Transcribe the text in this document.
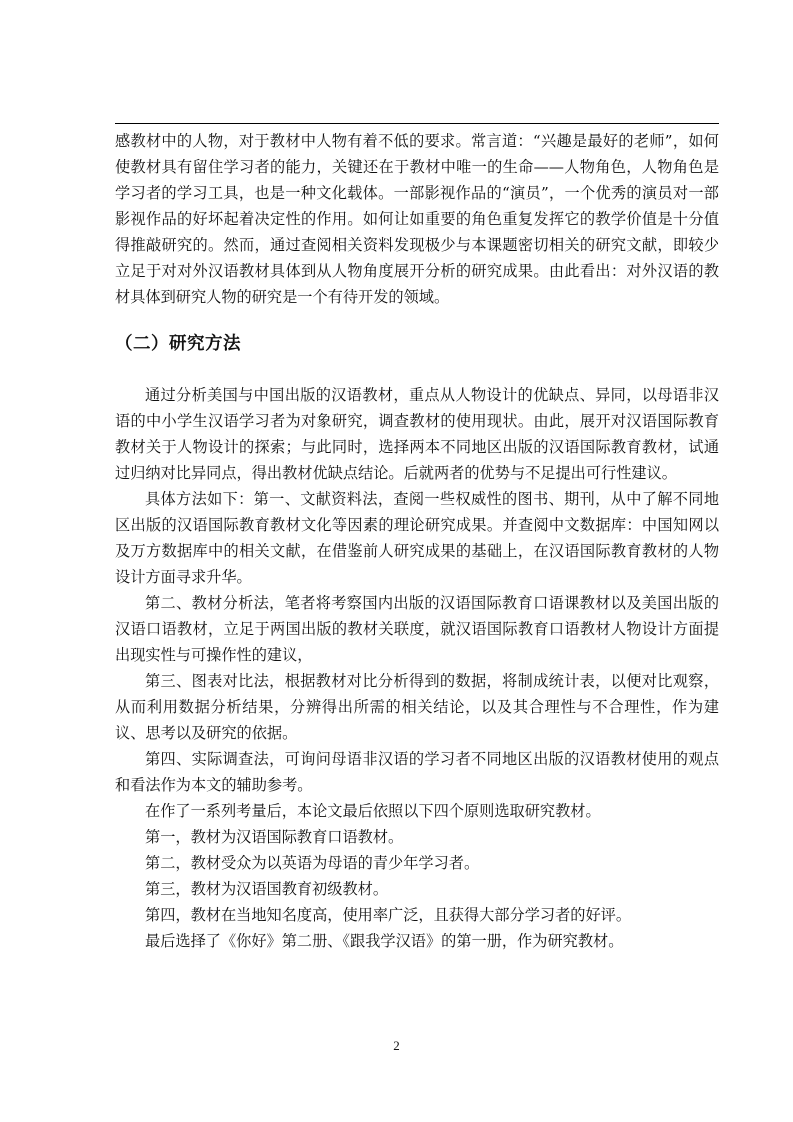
感教材中的人物，对于教材中人物有着不低的要求。常言道：“兴趣是最好的老师”，如何使教材具有留住学习者的能力，关键还在于教材中唯一的生命——人物角色，人物角色是学习者的学习工具，也是一种文化载体。一部影视作品的“演员”，一个优秀的演员对一部影视作品的好坏起着决定性的作用。如何让如重要的角色重复发挥它的教学价值是十分值得推敲研究的。然而，通过查阅相关资料发现极少与本课题密切相关的研究文献，即较少立足于对对外汉语教材具体到从人物角度展开分析的研究成果。由此看出：对外汉语的教材具体到研究人物的研究是一个有待开发的领域。

（二）研究方法

通过分析美国与中国出版的汉语教材，重点从人物设计的优缺点、异同，以母语非汉语的中小学生汉语学习者为对象研究，调查教材的使用现状。由此，展开对汉语国际教育教材关于人物设计的探索；与此同时，选择两本不同地区出版的汉语国际教育教材，试通过归纳对比异同点，得出教材优缺点结论。后就两者的优势与不足提出可行性建议。

具体方法如下：第一、文献资料法，查阅一些权威性的图书、期刊，从中了解不同地区出版的汉语国际教育教材文化等因素的理论研究成果。并查阅中文数据库：中国知网以及万方数据库中的相关文献，在借鉴前人研究成果的基础上，在汉语国际教育教材的人物设计方面寻求升华。

第二、教材分析法，笔者将考察国内出版的汉语国际教育口语课教材以及美国出版的汉语口语教材，立足于两国出版的教材关联度，就汉语国际教育口语教材人物设计方面提出现实性与可操作性的建议，

第三、图表对比法，根据教材对比分析得到的数据，将制成统计表，以便对比观察，从而利用数据分析结果，分辨得出所需的相关结论，以及其合理性与不合理性，作为建议、思考以及研究的依据。

第四、实际调查法，可询问母语非汉语的学习者不同地区出版的汉语教材使用的观点和看法作为本文的辅助参考。

在作了一系列考量后，本论文最后依照以下四个原则选取研究教材。

第一，教材为汉语国际教育口语教材。

第二，教材受众为以英语为母语的青少年学习者。

第三，教材为汉语国教育初级教材。

第四，教材在当地知名度高，使用率广泛，且获得大部分学习者的好评。

最后选择了《你好》第二册、《跟我学汉语》的第一册，作为研究教材。

2
